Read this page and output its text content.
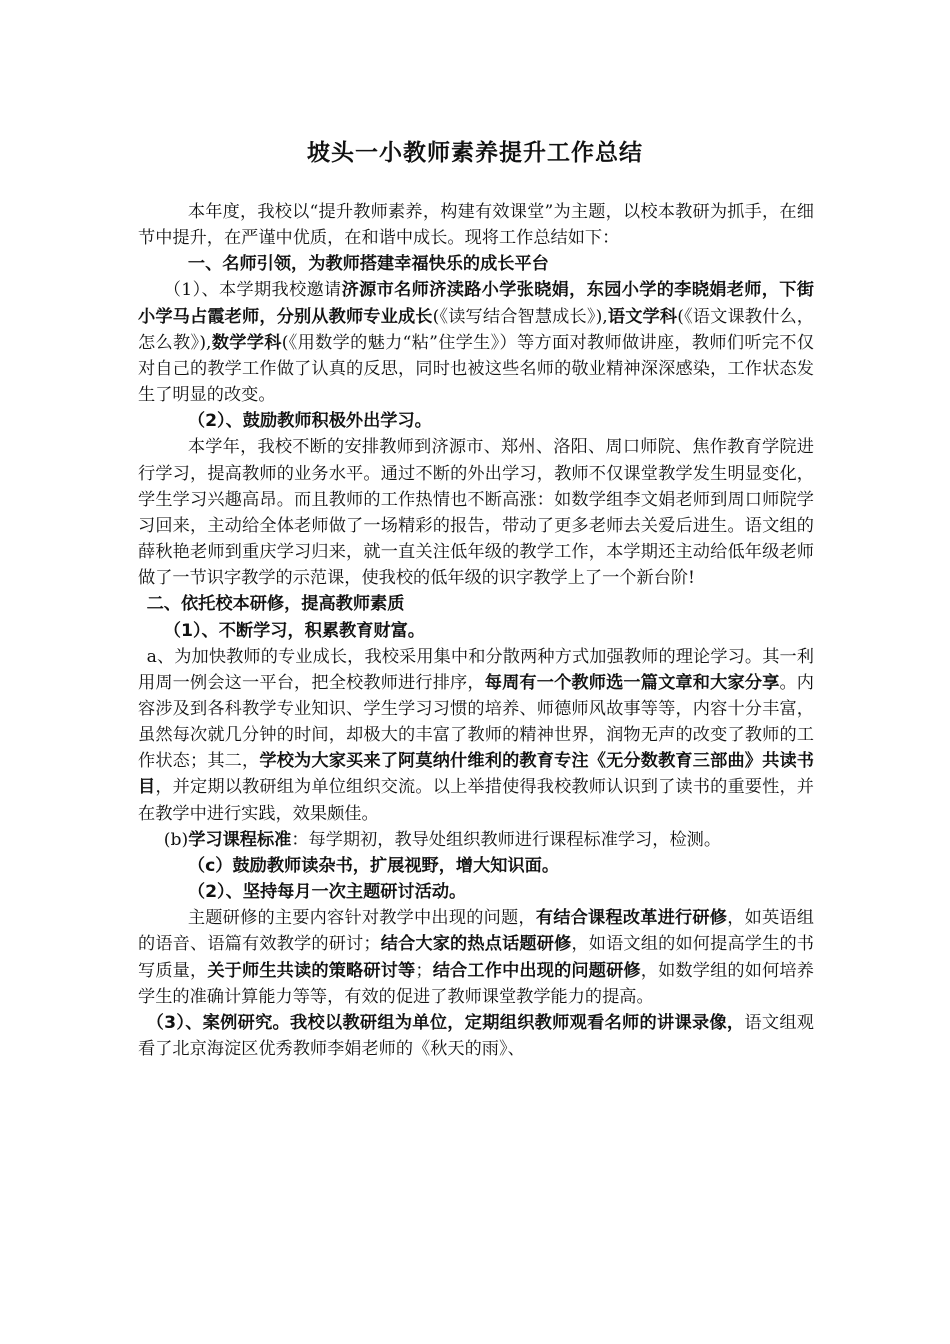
坡头一小教师素养提升工作总结

本年度，我校以“提升教师素养，构建有效课堂”为主题，以校本教研为抓手，在细节中提升，在严谨中优质，在和谐中成长。现将工作总结如下：

一、名师引领，为教师搭建幸福快乐的成长平台

（1）、本学期我校邀请济源市名师济渎路小学张晓娟，东园小学的李晓娟老师，下街小学马占霞老师，分别从教师专业成长(《读写结合智慧成长》),语文学科(《语文课教什么，怎么教》),数学学科(《用数学的魅力“粘”住学生》）等方面对教师做讲座，教师们听完不仅对自己的教学工作做了认真的反思，同时也被这些名师的敬业精神深深感染，工作状态发生了明显的改变。

（2）、鼓励教师积极外出学习。

本学年，我校不断的安排教师到济源市、郑州、洛阳、周口师院、焦作教育学院进行学习，提高教师的业务水平。通过不断的外出学习，教师不仅课堂教学发生明显变化，学生学习兴趣高昂。而且教师的工作热情也不断高涨：如数学组李文娟老师到周口师院学习回来，主动给全体老师做了一场精彩的报告，带动了更多老师去关爱后进生。语文组的薛秋艳老师到重庆学习归来，就一直关注低年级的教学工作，本学期还主动给低年级老师做了一节识字教学的示范课，使我校的低年级的识字教学上了一个新台阶!

二、依托校本研修，提高教师素质

（1）、不断学习，积累教育财富。

a、为加快教师的专业成长，我校采用集中和分散两种方式加强教师的理论学习。其一利用周一例会这一平台，把全校教师进行排序，每周有一个教师选一篇文章和大家分享。内容涉及到各科教学专业知识、学生学习习惯的培养、师德师风故事等等，内容十分丰富，虽然每次就几分钟的时间，却极大的丰富了教师的精神世界，润物无声的改变了教师的工作状态；其二，学校为大家买来了阿莫纳什维利的教育专注《无分数教育三部曲》共读书目，并定期以教研组为单位组织交流。以上举措使得我校教师认识到了读书的重要性，并在教学中进行实践，效果颇佳。

(b)学习课程标准：每学期初，教导处组织教师进行课程标准学习，检测。

（c）鼓励教师读杂书，扩展视野，增大知识面。

（2）、坚持每月一次主题研讨活动。

主题研修的主要内容针对教学中出现的问题，有结合课程改革进行研修，如英语组的语音、语篇有效教学的研讨；结合大家的热点话题研修，如语文组的如何提高学生的书写质量，关于师生共读的策略研讨等；结合工作中出现的问题研修，如数学组的如何培养学生的准确计算能力等等，有效的促进了教师课堂教学能力的提高。

（3）、案例研究。我校以教研组为单位，定期组织教师观看名师的讲课录像，语文组观看了北京海淀区优秀教师李娟老师的《秋天的雨》、
